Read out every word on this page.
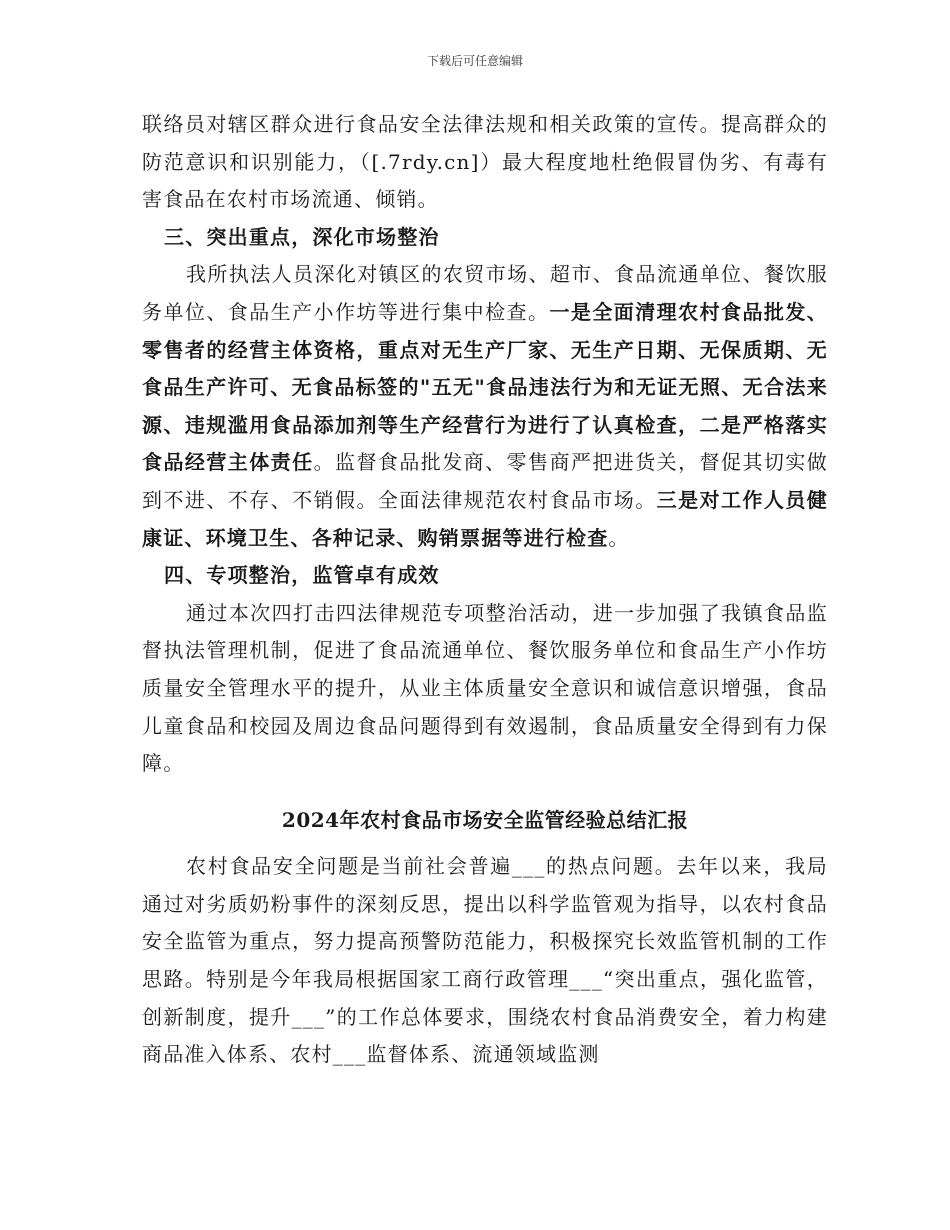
下载后可任意编辑

联络员对辖区群众进行食品安全法律法规和相关政策的宣传。提高群众的防范意识和识别能力，（[.7rdy.cn]）最大程度地杜绝假冒伪劣、有毒有害食品在农村市场流通、倾销。

三、突出重点，深化市场整治

我所执法人员深化对镇区的农贸市场、超市、食品流通单位、餐饮服务单位、食品生产小作坊等进行集中检查。一是全面清理农村食品批发、零售者的经营主体资格，重点对无生产厂家、无生产日期、无保质期、无食品生产许可、无食品标签的"五无"食品违法行为和无证无照、无合法来源、违规滥用食品添加剂等生产经营行为进行了认真检查，二是严格落实食品经营主体责任。监督食品批发商、零售商严把进货关，督促其切实做到不进、不存、不销假。全面法律规范农村食品市场。三是对工作人员健康证、环境卫生、各种记录、购销票据等进行检查。

四、专项整治，监管卓有成效

通过本次四打击四法律规范专项整治活动，进一步加强了我镇食品监督执法管理机制，促进了食品流通单位、餐饮服务单位和食品生产小作坊质量安全管理水平的提升，从业主体质量安全意识和诚信意识增强，食品儿童食品和校园及周边食品问题得到有效遏制，食品质量安全得到有力保障。

2024年农村食品市场安全监管经验总结汇报

农村食品安全问题是当前社会普遍___的热点问题。去年以来，我局通过对劣质奶粉事件的深刻反思，提出以科学监管观为指导，以农村食品安全监管为重点，努力提高预警防范能力，积极探究长效监管机制的工作思路。特别是今年我局根据国家工商行政管理___“突出重点，强化监管，创新制度，提升___”的工作总体要求，围绕农村食品消费安全，着力构建商品准入体系、农村___监督体系、流通领域监测
